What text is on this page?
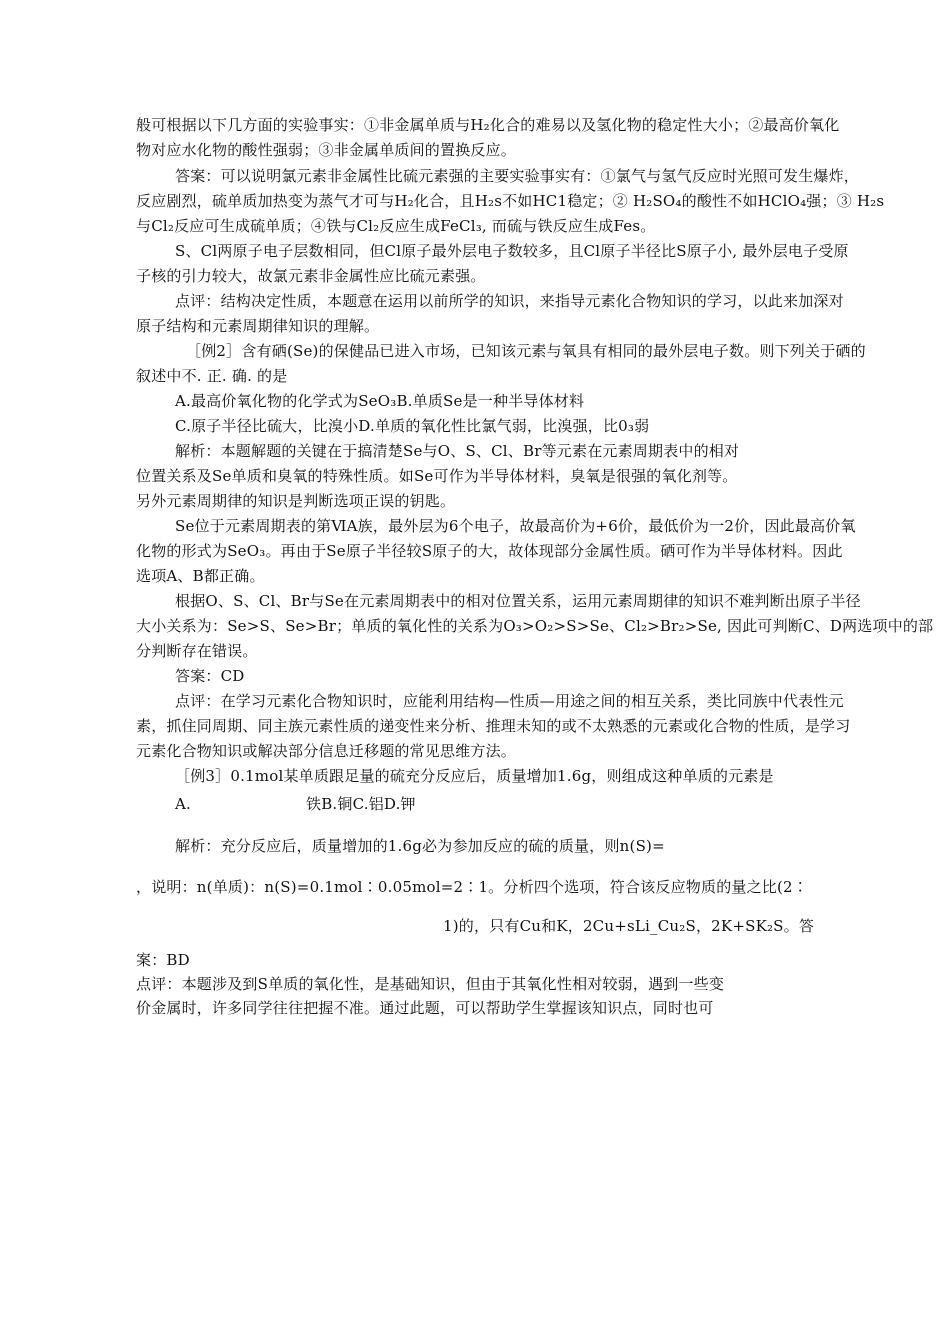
般可根据以下几方面的实验事实：①非金属单质与H₂化合的难易以及氢化物的稳定性大小；②最高价氧化
物对应水化物的酸性强弱；③非金属单质间的置换反应。
答案：可以说明氯元素非金属性比硫元素强的主要实验事实有：①氯气与氢气反应时光照可发生爆炸，
反应剧烈，硫单质加热变为蒸气才可与H₂化合，且H₂s不如HC1稳定；② H₂SO₄的酸性不如HClO₄强；③ H₂s
与Cl₂反应可生成硫单质；④铁与Cl₂反应生成FeCl₃, 而硫与铁反应生成Fes。
S、Cl两原子电子层数相同，但Cl原子最外层电子数较多，且Cl原子半径比S原子小, 最外层电子受原
子核的引力较大，故氯元素非金属性应比硫元素强。
点评：结构决定性质，本题意在运用以前所学的知识，来指导元素化合物知识的学习，以此来加深对
原子结构和元素周期律知识的理解。
［例2］含有硒(Se)的保健品已进入市场，已知该元素与氧具有相同的最外层电子数。则下列关于硒的
叙述中不. 正. 确. 的是
A.最高价氧化物的化学式为SeO₃B.单质Se是一种半导体材料
C.原子半径比硫大，比溴小D.单质的氧化性比氯气弱，比溴强，比0₃弱
解析：本题解题的关键在于搞清楚Se与O、S、Cl、Br等元素在元素周期表中的相对
位置关系及Se单质和臭氧的特殊性质。如Se可作为半导体材料，臭氧是很强的氧化剂等。
另外元素周期律的知识是判断选项正误的钥匙。
Se位于元素周期表的第ⅥA族，最外层为6个电子，故最高价为+6价，最低价为一2价，因此最高价氧
化物的形式为SeO₃。再由于Se原子半径较S原子的大，故体现部分金属性质。硒可作为半导体材料。因此
选项A、B都正确。
根据O、S、Cl、Br与Se在元素周期表中的相对位置关系，运用元素周期律的知识不难判断出原子半径
大小关系为：Se>S、Se>Br；单质的氧化性的关系为O₃>O₂>S>Se、Cl₂>Br₂>Se, 因此可判断C、D两选项中的部
分判断存在错误。
答案：CD
点评：在学习元素化合物知识时，应能利用结构—性质—用途之间的相互关系，类比同族中代表性元
素，抓住同周期、同主族元素性质的递变性来分析、推理未知的或不太熟悉的元素或化合物的性质，是学习
元素化合物知识或解决部分信息迁移题的常见思维方法。
［例3］0.1mol某单质跟足量的硫充分反应后，质量增加1.6g，则组成这种单质的元素是
A.	铁B.铜C.铝D.钾
解析：充分反应后，质量增加的1.6g必为参加反应的硫的质量，则n(S)=
，说明：n(单质)：n(S)=0.1mol∶0.05mol=2∶1。分析四个选项，符合该反应物质的量之比(2∶
1)的，只有Cu和K，2Cu+sLi_Cu₂S，2K+SK₂S。答
案：BD
点评：本题涉及到S单质的氧化性，是基础知识，但由于其氧化性相对较弱，遇到一些变
价金属时，许多同学往往把握不准。通过此题，可以帮助学生掌握该知识点，同时也可
